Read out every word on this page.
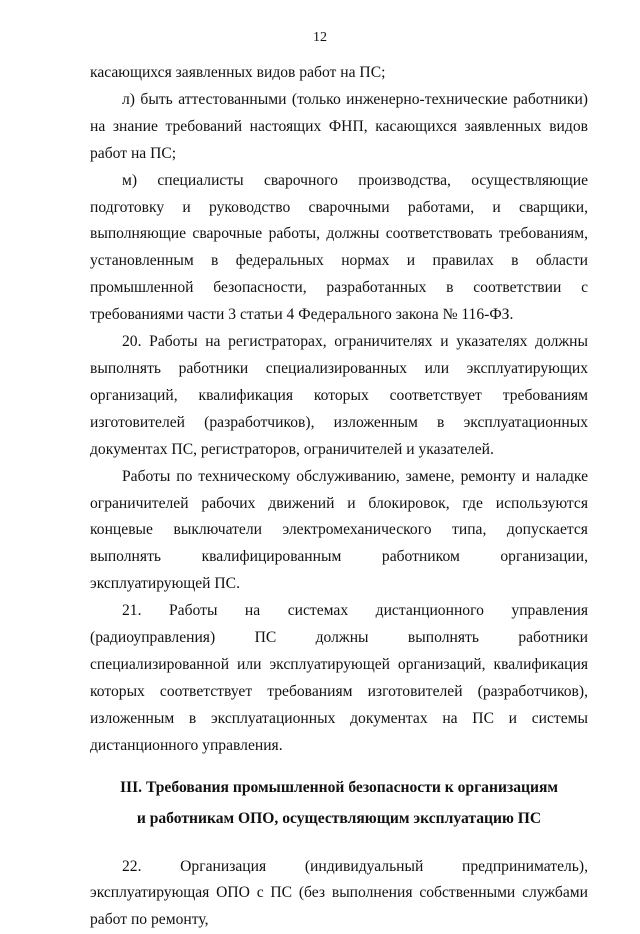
12

касающихся заявленных видов работ на ПС;

л) быть аттестованными (только инженерно-технические работники) на знание требований настоящих ФНП, касающихся заявленных видов работ на ПС;

м) специалисты сварочного производства, осуществляющие подготовку и руководство сварочными работами, и сварщики, выполняющие сварочные работы, должны соответствовать требованиям, установленным в федеральных нормах и правилах в области промышленной безопасности, разработанных в соответствии с требованиями части 3 статьи 4 Федерального закона № 116-ФЗ.

20. Работы на регистраторах, ограничителях и указателях должны выполнять работники специализированных или эксплуатирующих организаций, квалификация которых соответствует требованиям изготовителей (разработчиков), изложенным в эксплуатационных документах ПС, регистраторов, ограничителей и указателей.

Работы по техническому обслуживанию, замене, ремонту и наладке ограничителей рабочих движений и блокировок, где используются концевые выключатели электромеханического типа, допускается выполнять квалифицированным работником организации, эксплуатирующей ПС.

21. Работы на системах дистанционного управления (радиоуправления) ПС должны выполнять работники специализированной или эксплуатирующей организаций, квалификация которых соответствует требованиям изготовителей (разработчиков), изложенным в эксплуатационных документах на ПС и системы дистанционного управления.

III. Требования промышленной безопасности к организациям
и работникам ОПО, осуществляющим эксплуатацию ПС

22. Организация (индивидуальный предприниматель), эксплуатирующая ОПО с ПС (без выполнения собственными службами работ по ремонту,
